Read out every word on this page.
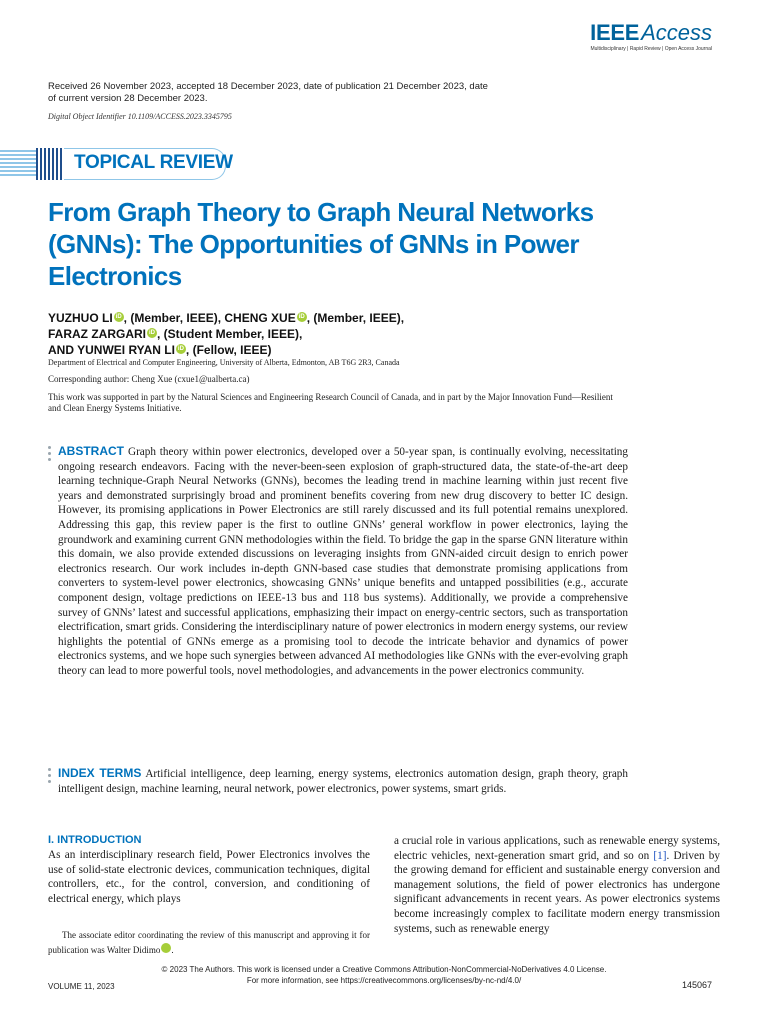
IEEEAccess
Multidisciplinary | Rapid Review | Open Access Journal
Received 26 November 2023, accepted 18 December 2023, date of publication 21 December 2023, date of current version 28 December 2023.
Digital Object Identifier 10.1109/ACCESS.2023.3345795
TOPICAL REVIEW
From Graph Theory to Graph Neural Networks (GNNs): The Opportunities of GNNs in Power Electronics
YUZHUO LI iD , (Member, IEEE), CHENG XUE iD , (Member, IEEE),
FARAZ ZARGARI iD , (Student Member, IEEE),
AND YUNWEI RYAN LI iD , (Fellow, IEEE)
Department of Electrical and Computer Engineering, University of Alberta, Edmonton, AB T6G 2R3, Canada
Corresponding author: Cheng Xue (cxue1@ualberta.ca)
This work was supported in part by the Natural Sciences and Engineering Research Council of Canada, and in part by the Major Innovation Fund—Resilient and Clean Energy Systems Initiative.
ABSTRACT Graph theory within power electronics, developed over a 50-year span, is continually evolving, necessitating ongoing research endeavors. Facing with the never-been-seen explosion of graph-structured data, the state-of-the-art deep learning technique-Graph Neural Networks (GNNs), becomes the leading trend in machine learning within just recent five years and demonstrated surprisingly broad and prominent benefits covering from new drug discovery to better IC design. However, its promising applications in Power Electronics are still rarely discussed and its full potential remains unexplored. Addressing this gap, this review paper is the first to outline GNNs’ general workflow in power electronics, laying the groundwork and examining current GNN methodologies within the field. To bridge the gap in the sparse GNN literature within this domain, we also provide extended discussions on leveraging insights from GNN-aided circuit design to enrich power electronics research. Our work includes in-depth GNN-based case studies that demonstrate promising applications from converters to system-level power electronics, showcasing GNNs’ unique benefits and untapped possibilities (e.g., accurate component design, voltage predictions on IEEE-13 bus and 118 bus systems). Additionally, we provide a comprehensive survey of GNNs’ latest and successful applications, emphasizing their impact on energy-centric sectors, such as transportation electrification, smart grids. Considering the interdisciplinary nature of power electronics in modern energy systems, our review highlights the potential of GNNs emerge as a promising tool to decode the intricate behavior and dynamics of power electronics systems, and we hope such synergies between advanced AI methodologies like GNNs with the ever-evolving graph theory can lead to more powerful tools, novel methodologies, and advancements in the power electronics community.
INDEX TERMS Artificial intelligence, deep learning, energy systems, electronics automation design, graph theory, graph intelligent design, machine learning, neural network, power electronics, power systems, smart grids.
I. INTRODUCTION
As an interdisciplinary research field, Power Electronics involves the use of solid-state electronic devices, communication techniques, digital controllers, etc., for the control, conversion, and conditioning of electrical energy, which plays
The associate editor coordinating the review of this manuscript and approving it for publication was Walter Didimo	iD.
a crucial role in various applications, such as renewable energy systems, electric vehicles, next-generation smart grid, and so on [1]. Driven by the growing demand for efficient and sustainable energy conversion and management solutions, the field of power electronics has undergone significant advancements in recent years. As power electronics systems become increasingly complex to facilitate modern energy transmission systems, such as renewable energy
© 2023 The Authors. This work is licensed under a Creative Commons Attribution-NonCommercial-NoDerivatives 4.0 License.
For more information, see https://creativecommons.org/licenses/by-nc-nd/4.0/
VOLUME 11, 2023	145067
